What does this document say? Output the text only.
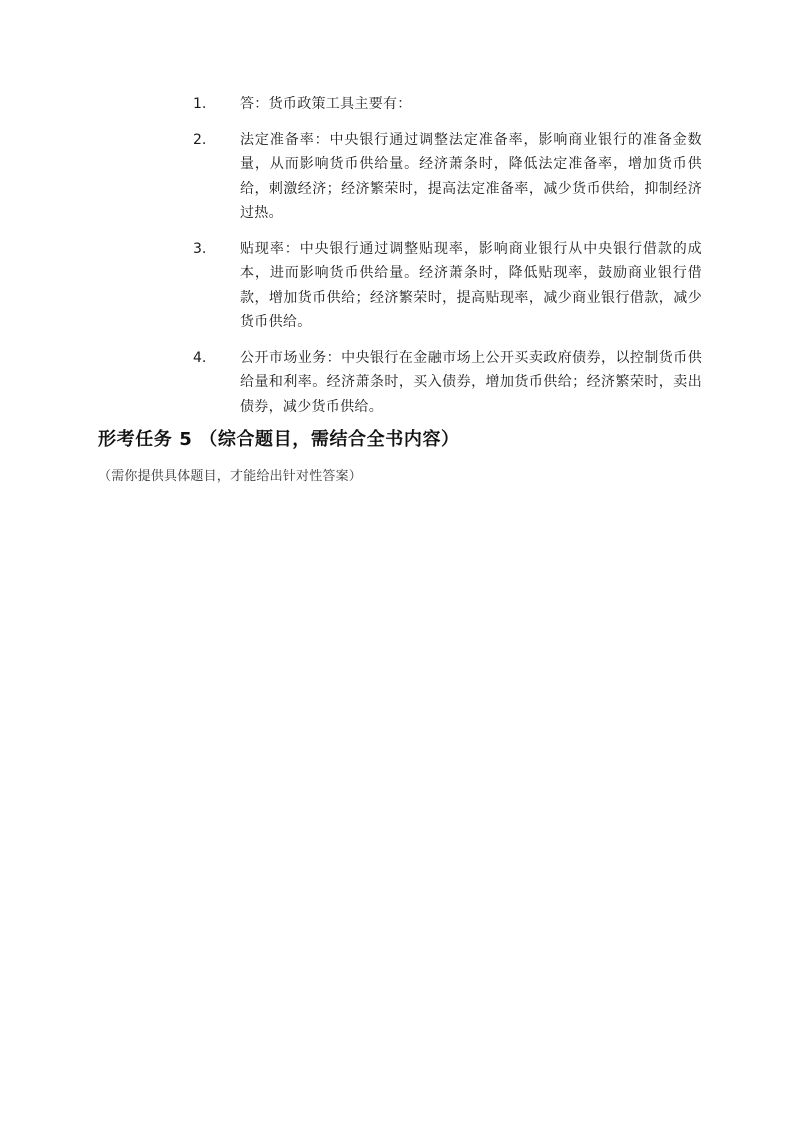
1. 答：货币政策工具主要有：
2. 法定准备率：中央银行通过调整法定准备率，影响商业银行的准备金数量，从而影响货币供给量。经济萧条时，降低法定准备率，增加货币供给，刺激经济；经济繁荣时，提高法定准备率，减少货币供给，抑制经济过热。
3. 贴现率：中央银行通过调整贴现率，影响商业银行从中央银行借款的成本，进而影响货币供给量。经济萧条时，降低贴现率，鼓励商业银行借款，增加货币供给；经济繁荣时，提高贴现率，减少商业银行借款，减少货币供给。
4. 公开市场业务：中央银行在金融市场上公开买卖政府债券，以控制货币供给量和利率。经济萧条时，买入债券，增加货币供给；经济繁荣时，卖出债券，减少货币供给。
形考任务 5 （综合题目，需结合全书内容）

（需你提供具体题目，才能给出针对性答案）
